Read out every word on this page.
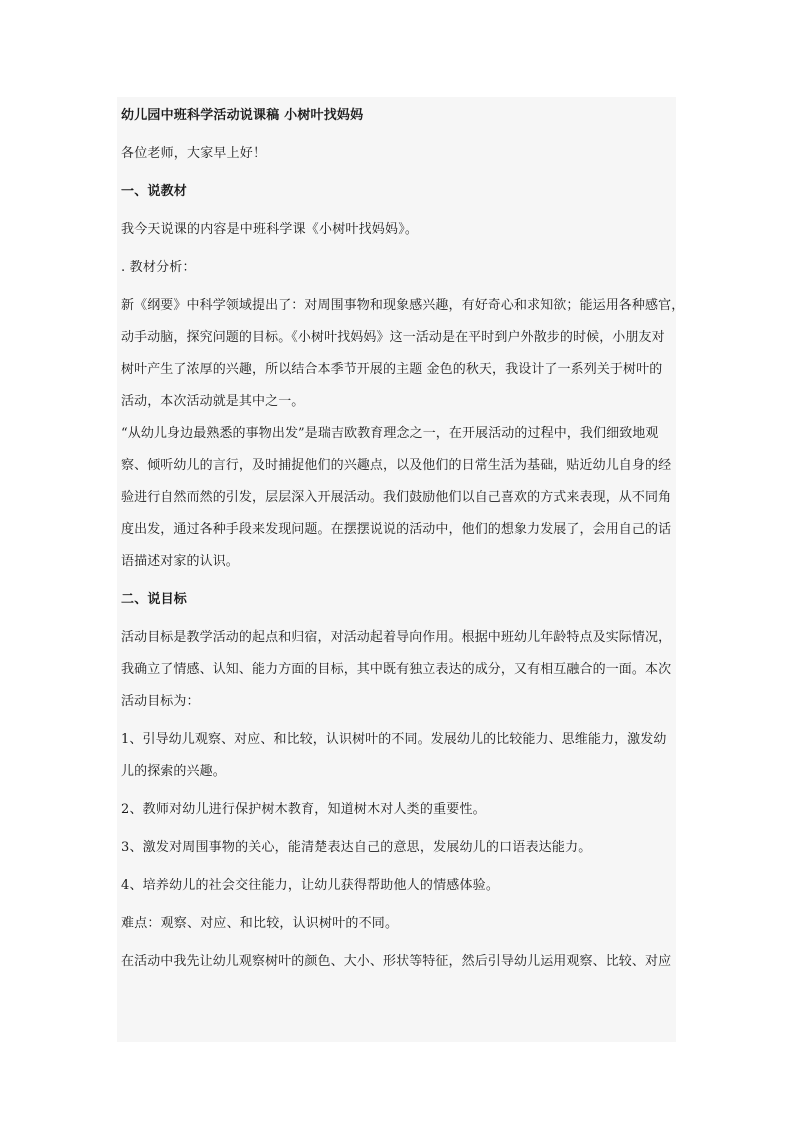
幼儿园中班科学活动说课稿 小树叶找妈妈

各位老师，大家早上好！

一、说教材

我今天说课的内容是中班科学课《小树叶找妈妈》。

. 教材分析：

新《纲要》中科学领域提出了：对周围事物和现象感兴趣，有好奇心和求知欲；能运用各种感官，

动手动脑，探究问题的目标。《小树叶找妈妈》这一活动是在平时到户外散步的时候，小朋友对

树叶产生了浓厚的兴趣，所以结合本季节开展的主题 金色的秋天，我设计了一系列关于树叶的

活动，本次活动就是其中之一。

“从幼儿身边最熟悉的事物出发”是瑞吉欧教育理念之一，在开展活动的过程中，我们细致地观

察、倾听幼儿的言行，及时捕捉他们的兴趣点，以及他们的日常生活为基础，贴近幼儿自身的经

验进行自然而然的引发，层层深入开展活动。我们鼓励他们以自己喜欢的方式来表现，从不同角

度出发，通过各种手段来发现问题。在摆摆说说的活动中，他们的想象力发展了，会用自己的话

语描述对家的认识。

二、说目标

活动目标是教学活动的起点和归宿，对活动起着导向作用。根据中班幼儿年龄特点及实际情况，

我确立了情感、认知、能力方面的目标，其中既有独立表达的成分，又有相互融合的一面。本次

活动目标为：

1、引导幼儿观察、对应、和比较，认识树叶的不同。发展幼儿的比较能力、思维能力，激发幼

儿的探索的兴趣。

2、教师对幼儿进行保护树木教育，知道树木对人类的重要性。

3、激发对周围事物的关心，能清楚表达自己的意思，发展幼儿的口语表达能力。

4、培养幼儿的社会交往能力，让幼儿获得帮助他人的情感体验。

难点：观察、对应、和比较，认识树叶的不同。

在活动中我先让幼儿观察树叶的颜色、大小、形状等特征，然后引导幼儿运用观察、比较、对应
